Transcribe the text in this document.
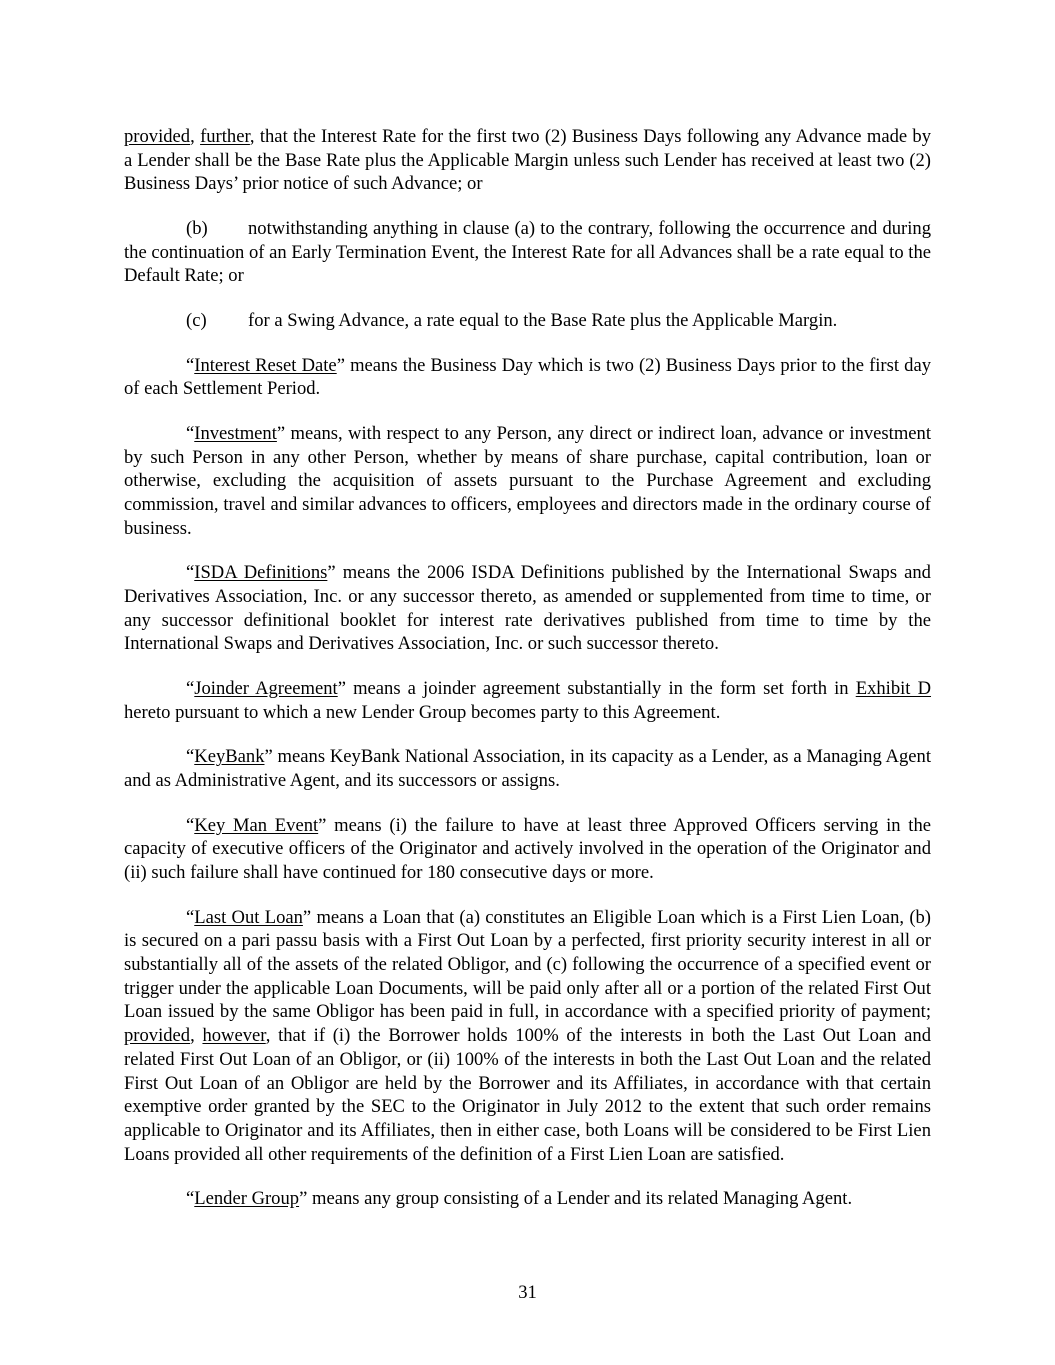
provided, further, that the Interest Rate for the first two (2) Business Days following any Advance made by a Lender shall be the Base Rate plus the Applicable Margin unless such Lender has received at least two (2) Business Days’ prior notice of such Advance; or

(b) notwithstanding anything in clause (a) to the contrary, following the occurrence and during the continuation of an Early Termination Event, the Interest Rate for all Advances shall be a rate equal to the Default Rate; or

(c) for a Swing Advance, a rate equal to the Base Rate plus the Applicable Margin.

“Interest Reset Date” means the Business Day which is two (2) Business Days prior to the first day of each Settlement Period.

“Investment” means, with respect to any Person, any direct or indirect loan, advance or investment by such Person in any other Person, whether by means of share purchase, capital contribution, loan or otherwise, excluding the acquisition of assets pursuant to the Purchase Agreement and excluding commission, travel and similar advances to officers, employees and directors made in the ordinary course of business.

“ISDA Definitions” means the 2006 ISDA Definitions published by the International Swaps and Derivatives Association, Inc. or any successor thereto, as amended or supplemented from time to time, or any successor definitional booklet for interest rate derivatives published from time to time by the International Swaps and Derivatives Association, Inc. or such successor thereto.

“Joinder Agreement” means a joinder agreement substantially in the form set forth in Exhibit D hereto pursuant to which a new Lender Group becomes party to this Agreement.

“KeyBank” means KeyBank National Association, in its capacity as a Lender, as a Managing Agent and as Administrative Agent, and its successors or assigns.

“Key Man Event” means (i) the failure to have at least three Approved Officers serving in the capacity of executive officers of the Originator and actively involved in the operation of the Originator and (ii) such failure shall have continued for 180 consecutive days or more.

“Last Out Loan” means a Loan that (a) constitutes an Eligible Loan which is a First Lien Loan, (b) is secured on a pari passu basis with a First Out Loan by a perfected, first priority security interest in all or substantially all of the assets of the related Obligor, and (c) following the occurrence of a specified event or trigger under the applicable Loan Documents, will be paid only after all or a portion of the related First Out Loan issued by the same Obligor has been paid in full, in accordance with a specified priority of payment; provided, however, that if (i) the Borrower holds 100% of the interests in both the Last Out Loan and related First Out Loan of an Obligor, or (ii) 100% of the interests in both the Last Out Loan and the related First Out Loan of an Obligor are held by the Borrower and its Affiliates, in accordance with that certain exemptive order granted by the SEC to the Originator in July 2012 to the extent that such order remains applicable to Originator and its Affiliates, then in either case, both Loans will be considered to be First Lien Loans provided all other requirements of the definition of a First Lien Loan are satisfied.

“Lender Group” means any group consisting of a Lender and its related Managing Agent.

31
